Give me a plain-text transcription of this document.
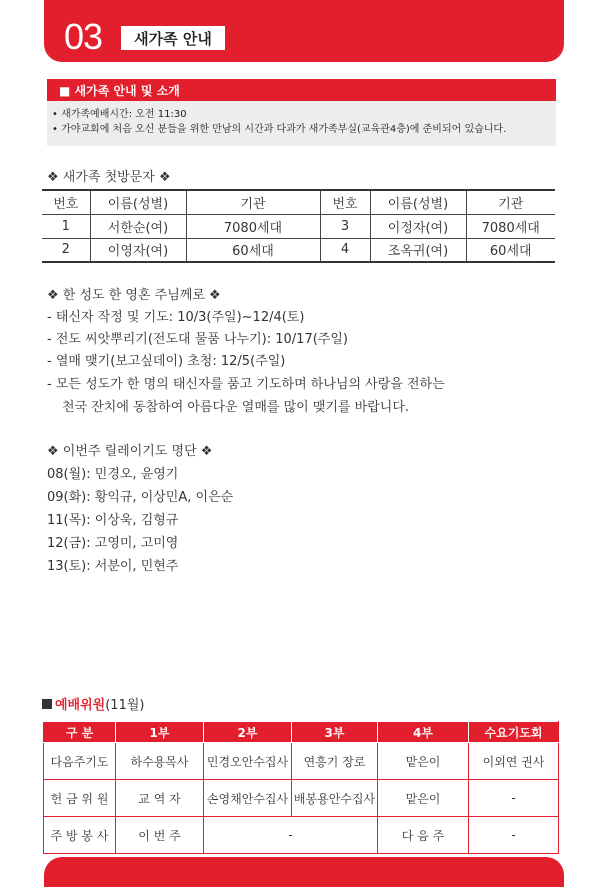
03	새가족 안내
■ 새가족 안내 및 소개
• 새가족예배시간: 오전 11:30
• 가야교회에 처음 오신 분들을 위한 만남의 시간과 다과가 새가족부실(교육관4층)에 준비되어 있습니다.
❖ 새가족 첫방문자 ❖
번호	이름(성별)	기관	번호	이름(성별)	기관
1	서한순(여)	7080세대	3	이정자(여)	7080세대
2	이영자(여)	60세대	4	조옥귀(여)	60세대
❖ 한 성도 한 영혼 주님께로 ❖
- 태신자 작정 및 기도: 10/3(주일)~12/4(토)
- 전도 씨앗뿌리기(전도대 물품 나누기): 10/17(주일)
- 열매 맺기(보고싶데이) 초청: 12/5(주일)
- 모든 성도가 한 명의 태신자를 품고 기도하며 하나님의 사랑을 전하는
천국 잔치에 동참하여 아름다운 열매를 많이 맺기를 바랍니다.
❖ 이번주 릴레이기도 명단 ❖
08(월): 민경오, 윤영기
09(화): 황익규, 이상민A, 이은순
11(목): 이상욱, 김형규
12(금): 고영미, 고미영
13(토): 서분이, 민현주
예배위원(11월)
구 분	1부	2부	3부	4부	수요기도회
다음주기도	하수용목사	민경오안수집사	연흥기 장로	맡은이	이외연 권사
헌 금 위 원	교 역 자	손영채안수집사	배봉용안수집사	맡은이	-
주 방 봉 사	이 번 주	-		다 음 주	-
